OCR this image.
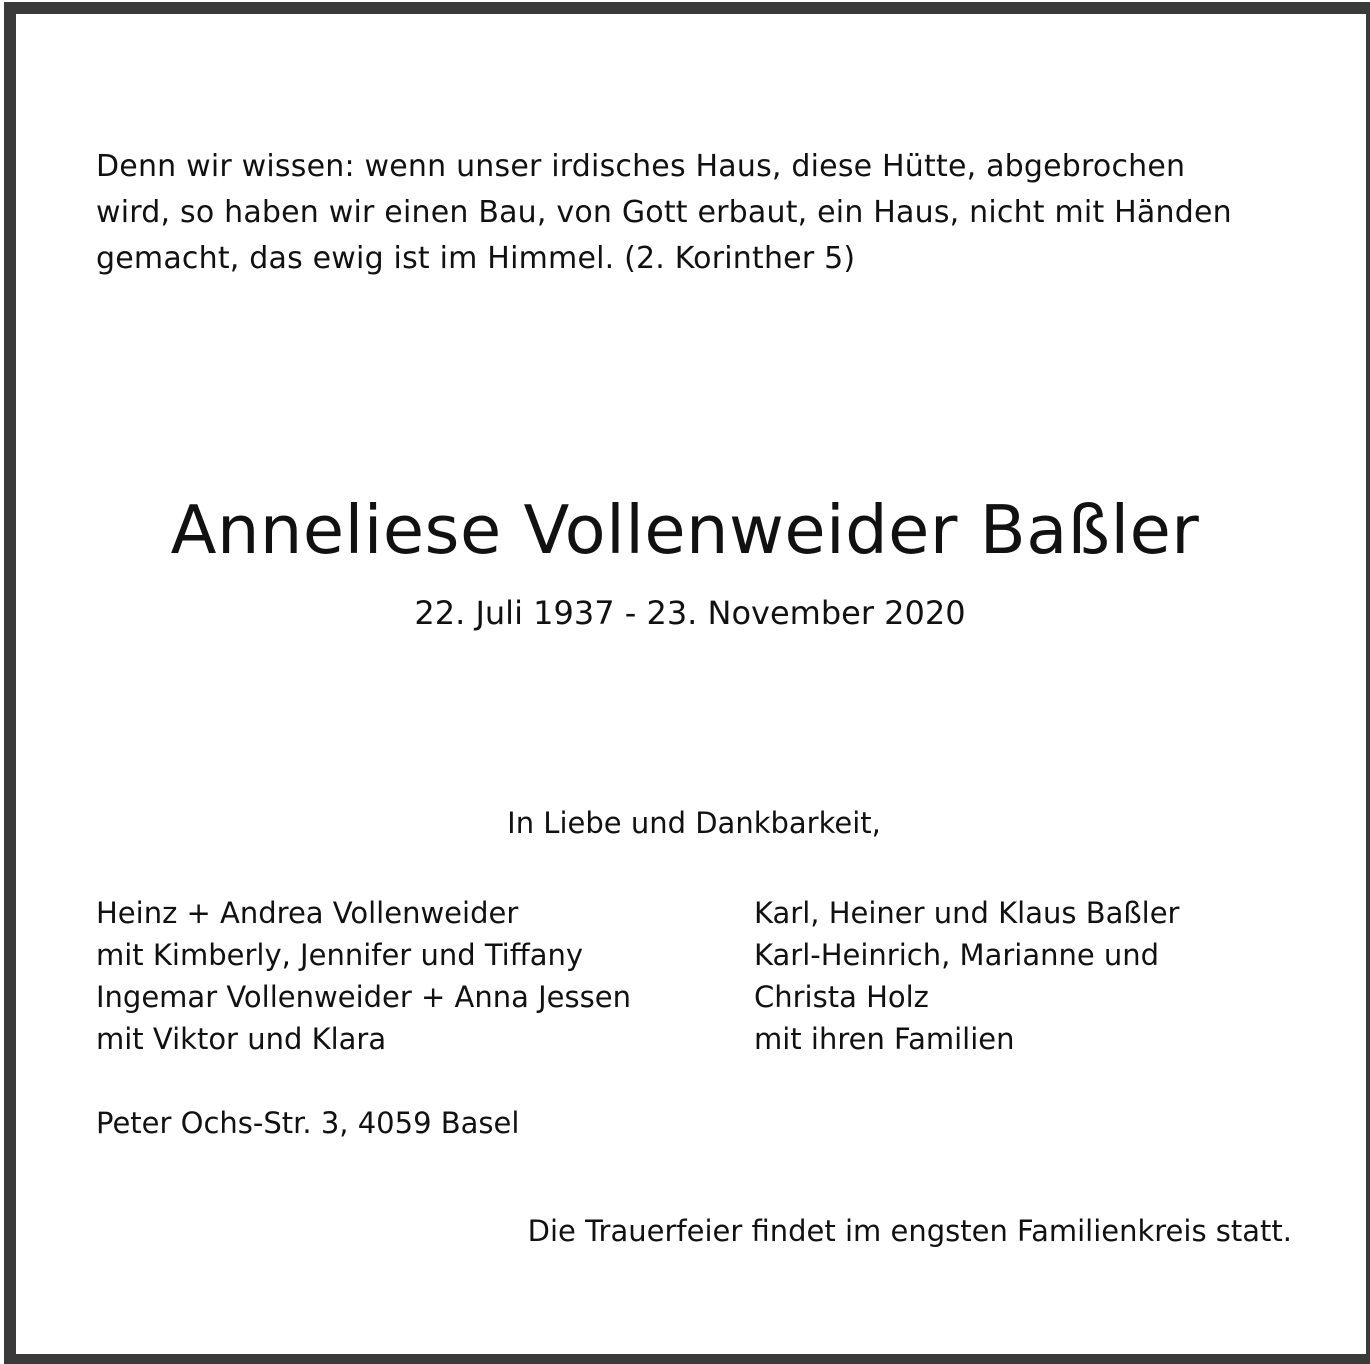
Denn wir wissen: wenn unser irdisches Haus, diese Hütte, abgebrochen
wird, so haben wir einen Bau, von Gott erbaut, ein Haus, nicht mit Händen
gemacht, das ewig ist im Himmel. (2. Korinther 5)
Anneliese Vollenweider Baßler
22. Juli 1937 - 23. November 2020
In Liebe und Dankbarkeit,
Heinz + Andrea Vollenweider
mit Kimberly, Jennifer und Tiffany
Ingemar Vollenweider + Anna Jessen
mit Viktor und Klara
Karl, Heiner und Klaus Baßler
Karl-Heinrich, Marianne und
Christa Holz
mit ihren Familien
Peter Ochs-Str. 3, 4059 Basel
Die Trauerfeier findet im engsten Familienkreis statt.
